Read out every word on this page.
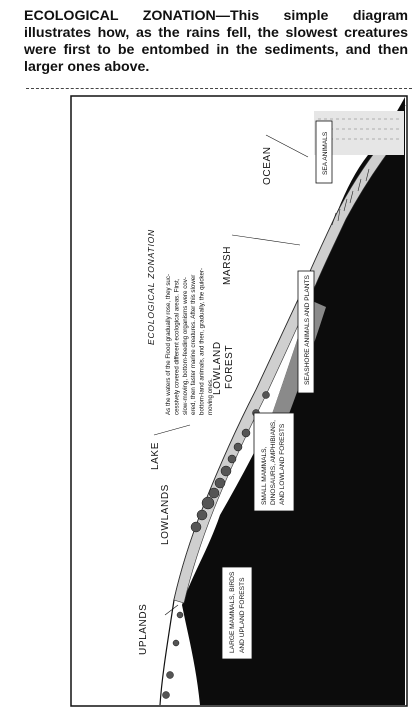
ECOLOGICAL ZONATION—This simple diagram illustrates how, as the rains fell, the slowest creatures were first to be entombed in the sediments, and then larger ones above.
ECOLOGICAL ZONATION As the waters of the Flood gradually rose, they suc- cessively covered different ecological areas. First, slow-moving, bottom-feeding organisms were cov- ered, then faster marine creatures. After this slower bottom-land animals, and then, gradually, the quicker- moving ones.
OCEAN
MARSH
LOWLAND FOREST
LAKE
LOWLANDS
UPLANDS
SEA ANIMALS
SEASHORE ANIMALS AND PLANTS
SMALL MAMMALS, DINOSAURS, AMPHIBIANS, AND LOWLAND FORESTS
LARGE MAMMALS, BIRDS AND UPLAND FORESTS
